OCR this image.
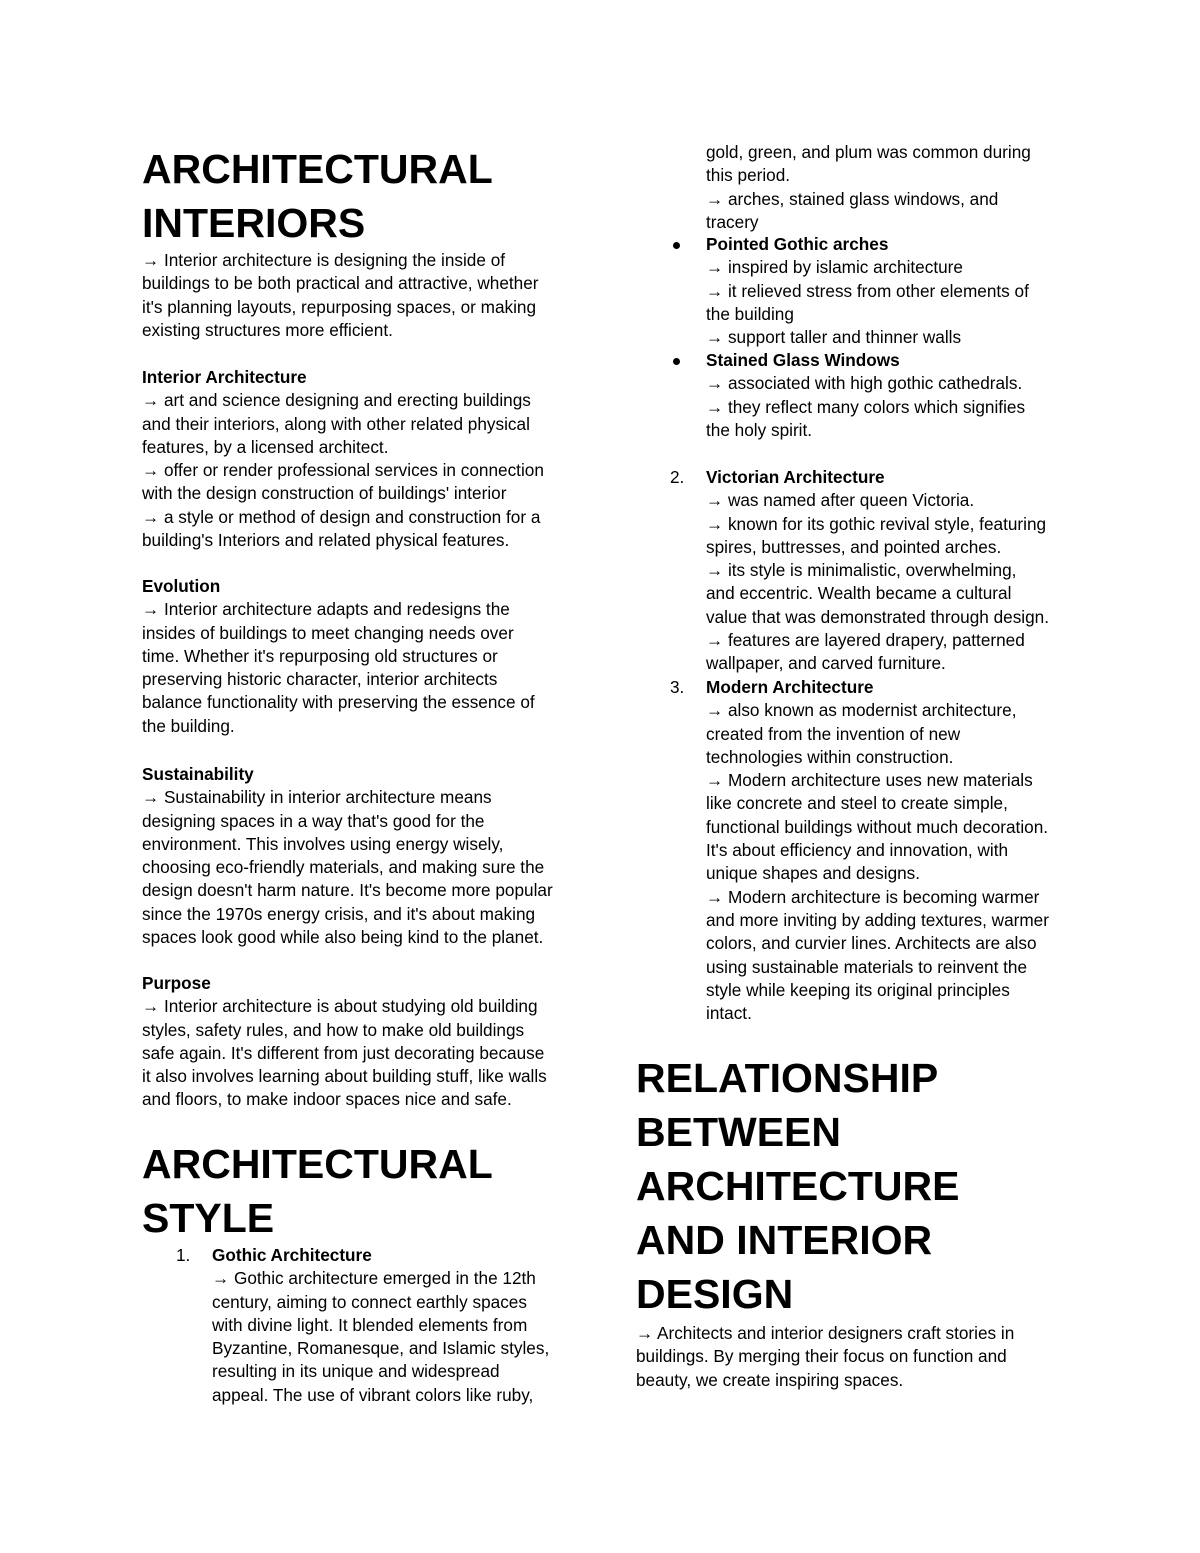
ARCHITECTURAL
INTERIORS
→ Interior architecture is designing the inside of
buildings to be both practical and attractive, whether
it's planning layouts, repurposing spaces, or making
existing structures more efficient.
Interior Architecture
→ art and science designing and erecting buildings
and their interiors, along with other related physical
features, by a licensed architect.
→ offer or render professional services in connection
with the design construction of buildings' interior
→ a style or method of design and construction for a
building's Interiors and related physical features.
Evolution
→ Interior architecture adapts and redesigns the
insides of buildings to meet changing needs over
time. Whether it's repurposing old structures or
preserving historic character, interior architects
balance functionality with preserving the essence of
the building.
Sustainability
→ Sustainability in interior architecture means
designing spaces in a way that's good for the
environment. This involves using energy wisely,
choosing eco-friendly materials, and making sure the
design doesn't harm nature. It's become more popular
since the 1970s energy crisis, and it's about making
spaces look good while also being kind to the planet.
Purpose
→ Interior architecture is about studying old building
styles, safety rules, and how to make old buildings
safe again. It's different from just decorating because
it also involves learning about building stuff, like walls
and floors, to make indoor spaces nice and safe.
ARCHITECTURAL
STYLE
1. Gothic Architecture
→ Gothic architecture emerged in the 12th
century, aiming to connect earthly spaces
with divine light. It blended elements from
Byzantine, Romanesque, and Islamic styles,
resulting in its unique and widespread
appeal. The use of vibrant colors like ruby,
gold, green, and plum was common during
this period.
→ arches, stained glass windows, and
tracery
Pointed Gothic arches
→ inspired by islamic architecture
→ it relieved stress from other elements of
the building
→ support taller and thinner walls
Stained Glass Windows
→ associated with high gothic cathedrals.
→ they reflect many colors which signifies
the holy spirit.
2. Victorian Architecture
→ was named after queen Victoria.
→ known for its gothic revival style, featuring
spires, buttresses, and pointed arches.
→ its style is minimalistic, overwhelming,
and eccentric. Wealth became a cultural
value that was demonstrated through design.
→ features are layered drapery, patterned
wallpaper, and carved furniture.
3. Modern Architecture
→ also known as modernist architecture,
created from the invention of new
technologies within construction.
→ Modern architecture uses new materials
like concrete and steel to create simple,
functional buildings without much decoration.
It's about efficiency and innovation, with
unique shapes and designs.
→ Modern architecture is becoming warmer
and more inviting by adding textures, warmer
colors, and curvier lines. Architects are also
using sustainable materials to reinvent the
style while keeping its original principles
intact.
RELATIONSHIP
BETWEEN
ARCHITECTURE
AND INTERIOR
DESIGN
→ Architects and interior designers craft stories in
buildings. By merging their focus on function and
beauty, we create inspiring spaces.
